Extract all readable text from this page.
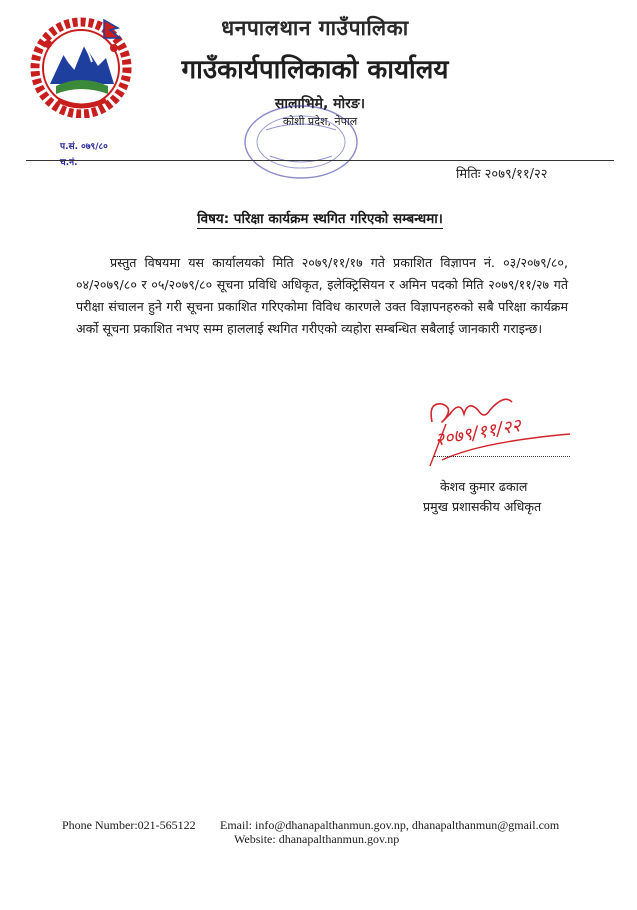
धनपालथान गाउँपालिका
गाउँकार्यपालिकाको कार्यालय
सालाभिमे, मोरङ।
कोशी प्रदेश, नेपाल
प.सं. ०७९/८०
च.नं.
मितिः २०७९/११/२२
विषय: परिक्षा कार्यक्रम स्थगित गरिएको सम्बन्धमा।
प्रस्तुत विषयमा यस कार्यालयको मिति २०७९/११/१७ गते प्रकाशित विज्ञापन नं. ०३/२०७९/८०, ०४/२०७९/८० र ०५/२०७९/८० सूचना प्रविधि अधिकृत, इलेक्ट्रिसियन र अमिन पदको मिति २०७९/११/२७ गते परीक्षा संचालन हुने गरी सूचना प्रकाशित गरिएकोमा विविध कारणले उक्त विज्ञापनहरुको सबै परिक्षा कार्यक्रम अर्को सूचना प्रकाशित नभए सम्म हाललाई स्थगित गरीएको व्यहोरा सम्बन्धित सबैलाई जानकारी गराइन्छ।
२०७९/११/२२
केशव कुमार ढकाल
प्रमुख प्रशासकीय अधिकृत
Phone Number:021-565122 Email: info@dhanapalthanmun.gov.np, dhanapalthanmun@gmail.com
Website: dhanapalthanmun.gov.np
